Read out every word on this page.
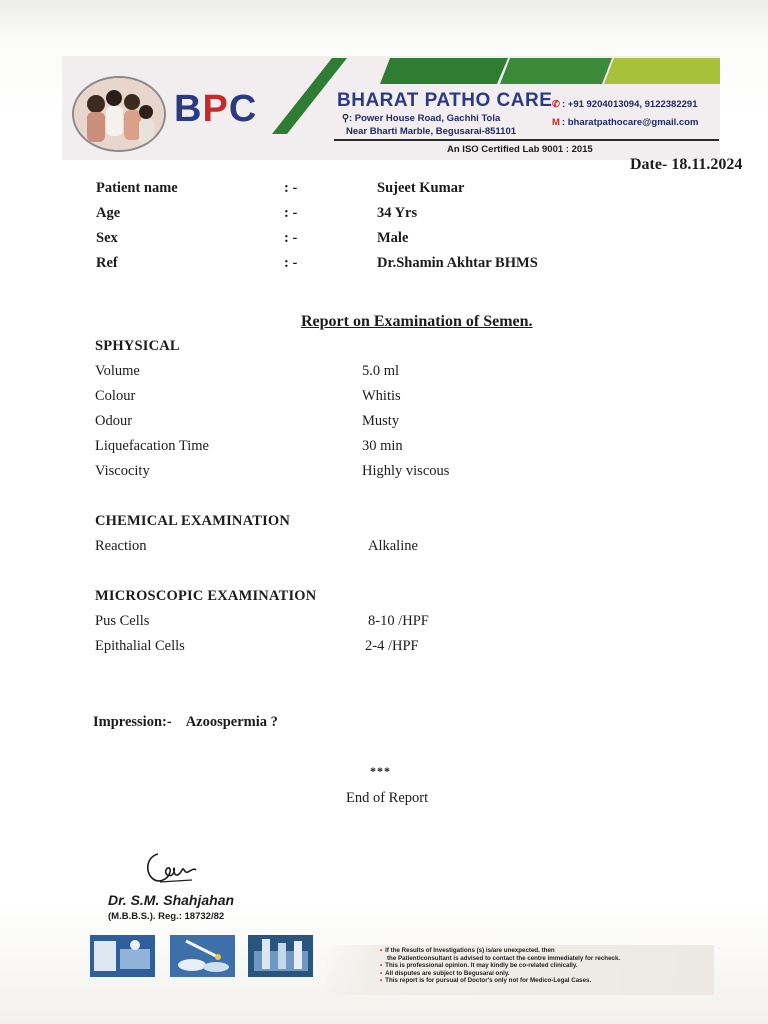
BPC	BHARAT PATHO CARE
⚲: Power House Road, Gachhi Tola
Near Bharti Marble, Begusarai-851101
✆ : +91 9204013094, 9122382291
M : bharatpathocare@gmail.com
An ISO Certified Lab 9001 : 2015
Date- 18.11.2024
Patient name	: -	Sujeet Kumar
Age	: -	34 Yrs
Sex	: -	Male
Ref	: -	Dr.Shamin Akhtar BHMS
Report on Examination of Semen.
SPHYSICAL
Volume	5.0 ml
Colour	Whitis
Odour	Musty
Liquefacation Time	30 min
Viscocity	Highly viscous
CHEMICAL EXAMINATION
Reaction	Alkaline
MICROSCOPIC EXAMINATION
Pus Cells	8-10 /HPF
Epithalial Cells	2-4 /HPF
Impression:- Azoospermia ?
***
End of Report
Dr. S.M. Shahjahan
(M.B.B.S.). Reg.: 18732/82
• If the Results of Investigations (s) is/are unexpected. then
the Patient/consultant is advised to contact the centre immediately for recheck.
• This is professional opinion. It may kindly be co-related clinically.
• All disputes are subject to Begusarai only.
• This report is for pursual of Doctor's only not for Medico-Legal Cases.
